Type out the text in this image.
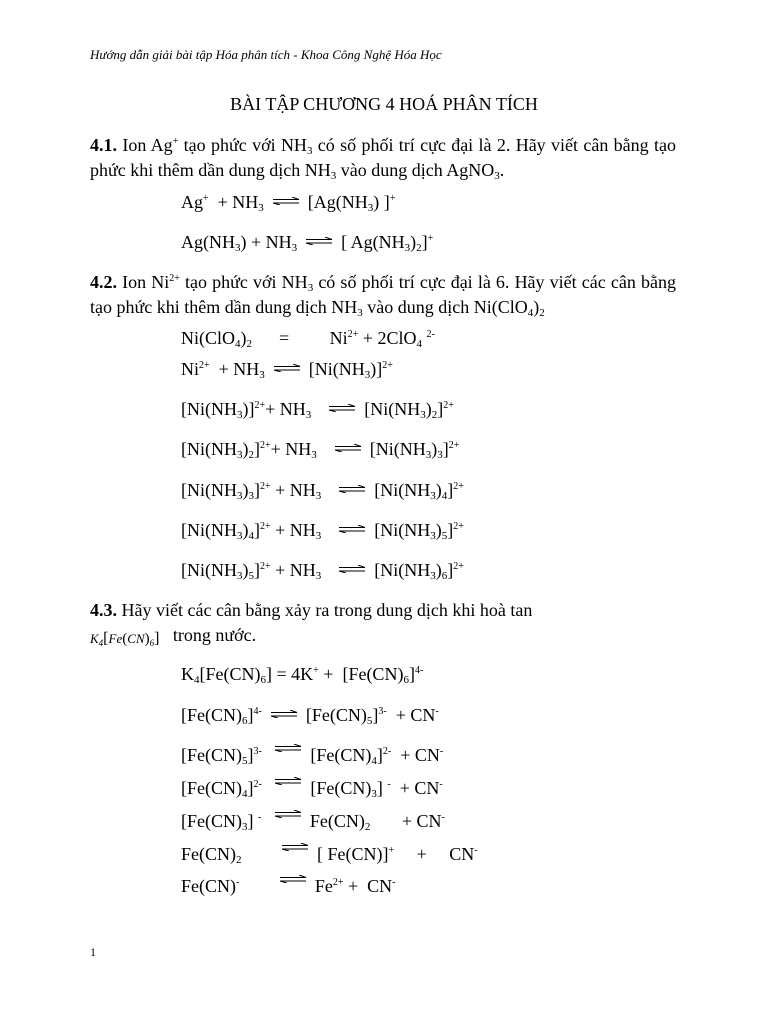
Hướng dẫn giải bài tập Hóa phân tích - Khoa Công Nghệ Hóa Học
BÀI TẬP CHƯƠNG 4 HOÁ PHÂN TÍCH
4.1. Ion Ag+ tạo phức với $NH_3$ có số phối trí cực đại là 2. Hãy viết cân bằng tạo phức khi thêm dần dung dịch $NH_3$ vào dung dịch AgNO$_3$.
$Ag^+ + NH_3$ ⇌ [$Ag(NH_3)$ ]+
$Ag(NH_3) + NH_3$ ⇌ [ $Ag(NH_3)_2]^+$
4.2. Ion $Ni^{2+}$ tạo phức với $NH_3$ có số phối trí cực đại là 6. Hãy viết các cân bằng tạo phức khi thêm dần dung dịch $NH_3$ vào dung dịch $Ni(ClO_4)_2$
$Ni(ClO_4)_2$      =         $Ni^{2+} + 2ClO_4$ $^{2-}$
$Ni^{2+} + NH_3$ ⇌ $[Ni(NH_3)]^{2+}$
$[Ni(NH_3)]^{2+}+ NH_3$ ⇌ $[Ni(NH_3)_2]^{2+}$
$[Ni(NH_3)_2]^{2+}+ NH_3$ ⇌ $[Ni(NH_3)_3]^{2+}$
$[Ni(NH_3)_3]^{2+} + NH_3$ ⇌ $[Ni(NH_3)_4]^{2+}$
$[Ni(NH_3)_4]^{2+} + NH_3$ ⇌ $[Ni(NH_3)_5]^{2+}$
$[Ni(NH_3)_5]^{2+} + NH_3$ ⇌ $[Ni(NH_3)_6]^{2+}$
4.3. Hãy viết các cân bằng xảy ra trong dung dịch khi hoà tan
$K_4[Fe(CN)_6]$   trong nước.
$K_4[Fe(CN)_6] = 4K^+ + [Fe(CN)_6]^{4-}$
$[Fe(CN)_6]^{4-}$ ⇌ $[Fe(CN)_5]^{3-} + CN^-$
$[Fe(CN)_5]^{3-}$ ⇌ $[Fe(CN)_4]^{2-} + CN^-$
$[Fe(CN)_4]^{2-}$ ⇌ $[Fe(CN)_3] ^- + CN^-$
$[Fe(CN)_3]$ - ⇌ $Fe(CN)_2$       + CN-
$Fe(CN)_2$ ⇌ [ Fe(CN)]+     +     CN-
Fe(CN)- ⇌ $Fe^{2+} + CN^-$
1
